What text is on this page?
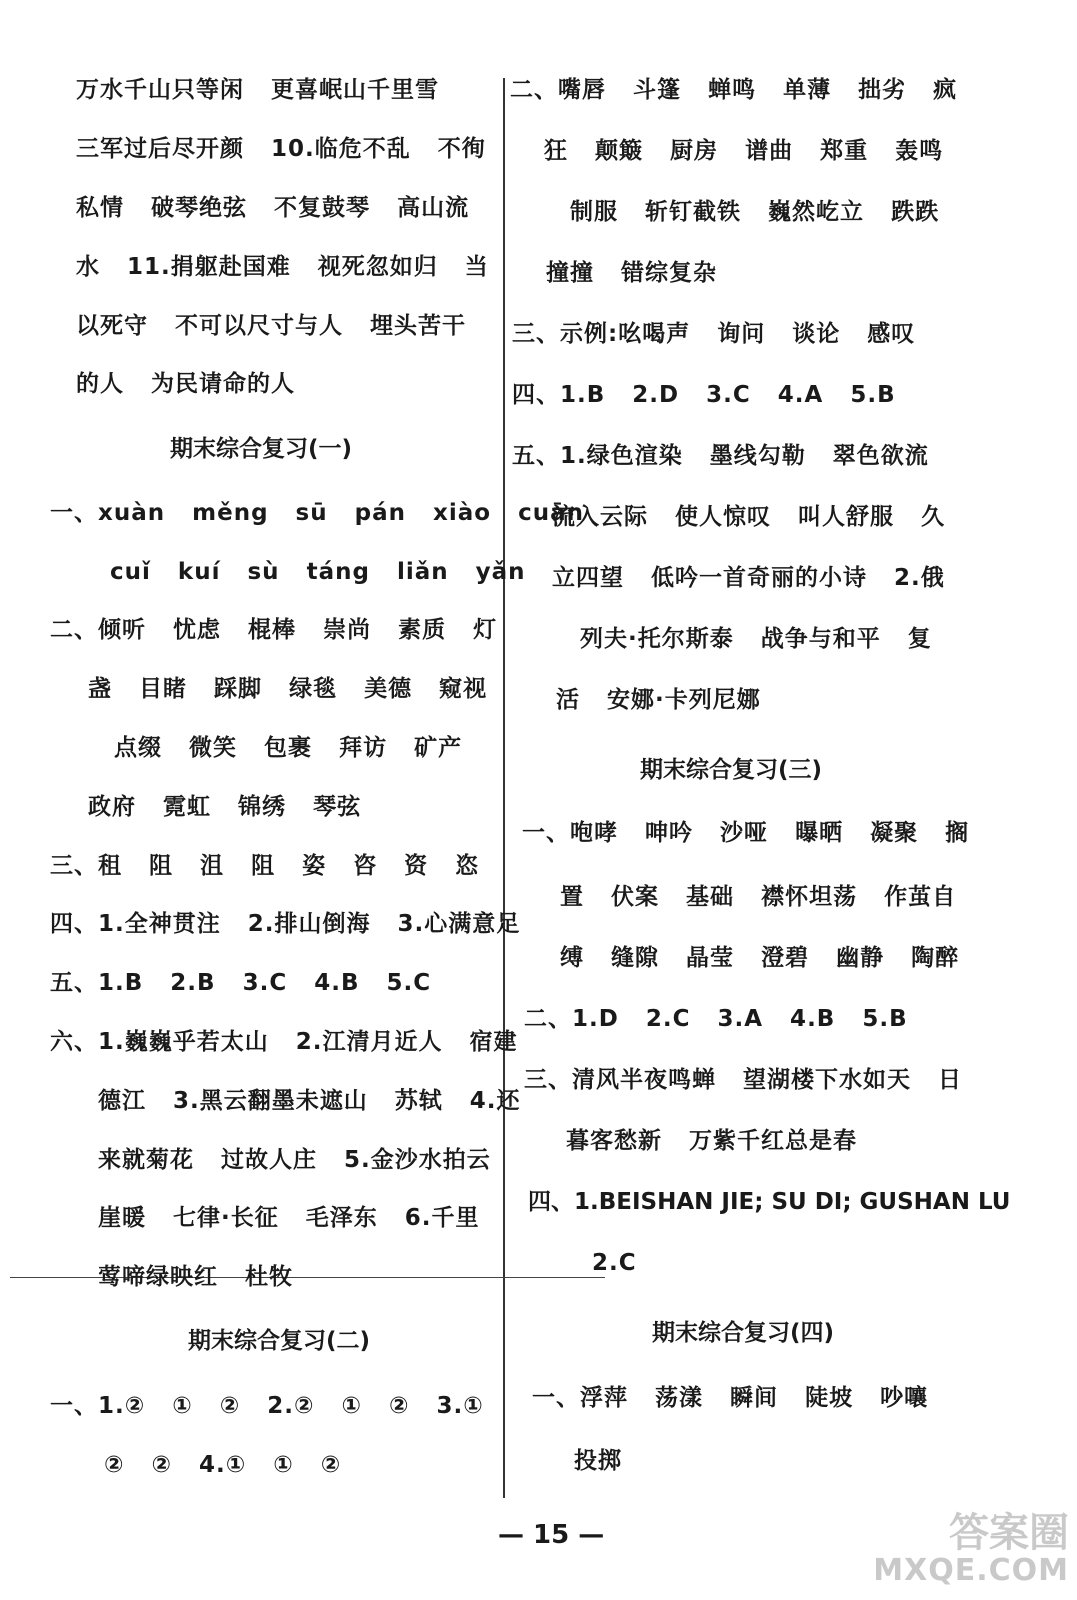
万水千山只等闲   更喜岷山千里雪
三军过后尽开颜   10.临危不乱   不徇
私情   破琴绝弦   不复鼓琴   高山流
水   11.捐躯赴国难   视死忽如归   当
以死守   不可以尺寸与人   埋头苦干
的人   为民请命的人
期末综合复习(一)
一、xuàn   měng   sū   pán   xiào   cuān
cuǐ   kuí   sù   táng   liǎn   yǎn
二、倾听   忧虑   棍棒   崇尚   素质   灯
盏   目睹   踩脚   绿毯   美德   窥视
点缀   微笑   包裹   拜访   矿产
政府   霓虹   锦绣   琴弦
三、租   阻   沮   阻   姿   咨   资   恣
四、1.全神贯注   2.排山倒海   3.心满意足
五、1.B   2.B   3.C   4.B   5.C
六、1.巍巍乎若太山   2.江清月近人   宿建
德江   3.黑云翻墨未遮山   苏轼   4.还
来就菊花   过故人庄   5.金沙水拍云
崖暖   七律·长征   毛泽东   6.千里
莺啼绿映红   杜牧
期末综合复习(二)
一、1.②   ①   ②   2.②   ①   ②   3.①
②   ②   4.①   ①   ②
二、嘴唇   斗篷   蝉鸣   单薄   拙劣   疯
狂   颠簸   厨房   谱曲   郑重   轰鸣
制服   斩钉截铁   巍然屹立   跌跌
撞撞   错综复杂
三、示例:吆喝声   询问   谈论   感叹
四、1.B   2.D   3.C   4.A   5.B
五、1.绿色渲染   墨线勾勒   翠色欲流
流入云际   使人惊叹   叫人舒服   久
立四望   低吟一首奇丽的小诗   2.俄
列夫·托尔斯泰   战争与和平   复
活   安娜·卡列尼娜
期末综合复习(三)
一、咆哮   呻吟   沙哑   曝晒   凝聚   搁
置   伏案   基础   襟怀坦荡   作茧自
缚   缝隙   晶莹   澄碧   幽静   陶醉
二、1.D   2.C   3.A   4.B   5.B
三、清风半夜鸣蝉   望湖楼下水如天   日
暮客愁新   万紫千红总是春
四、1.BEISHAN JIE; SU DI; GUSHAN LU
2.C
期末综合复习(四)
一、浮萍   荡漾   瞬间   陡坡   吵嚷
投掷
— 15 —	答案圈
MXQE.COM
